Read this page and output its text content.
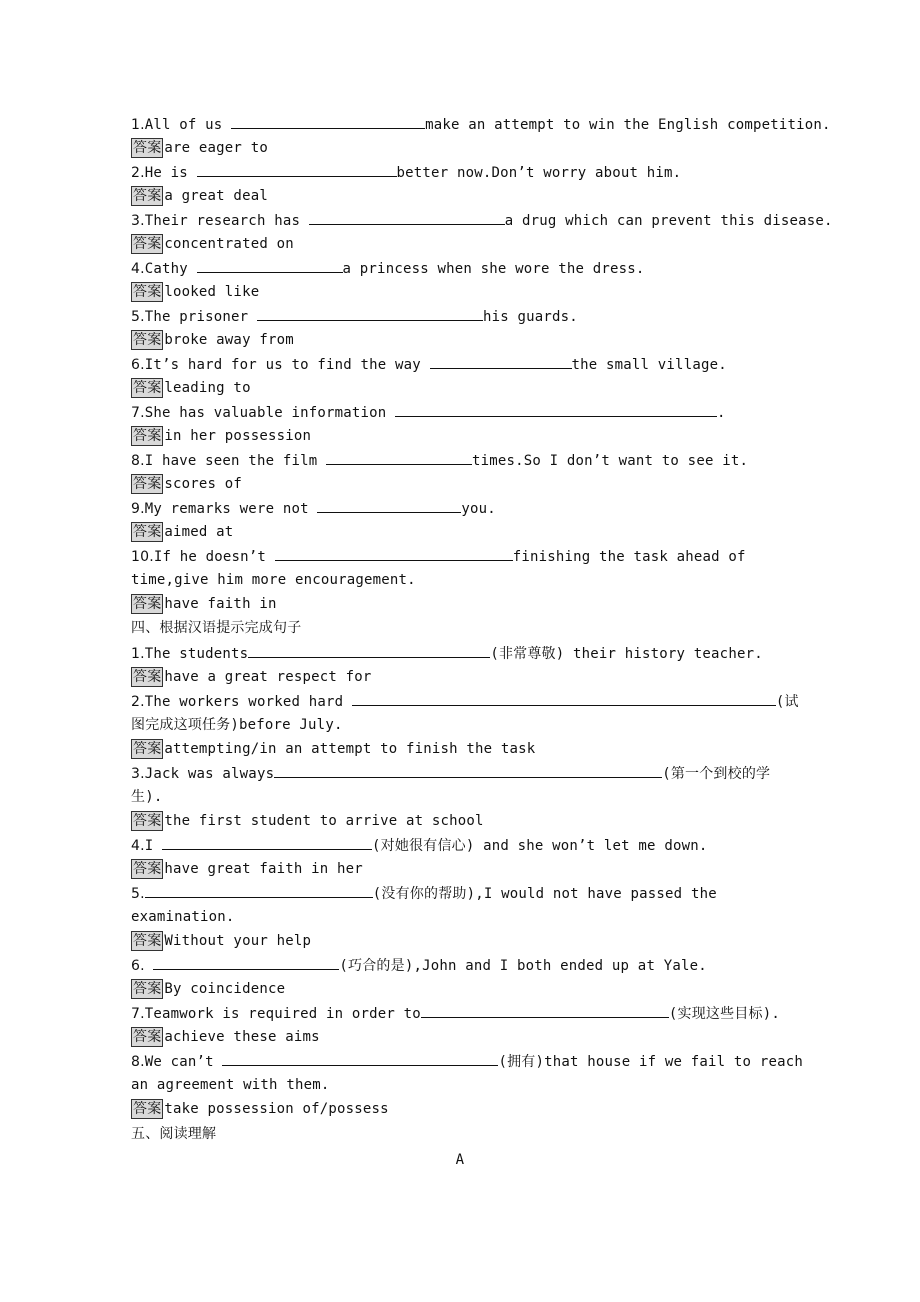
1.All of us	make an attempt to win the English competition.
答案 are eager to
2.He is	better now.Don’t worry about him.
答案 a great deal
3.Their research has	a drug which can prevent this disease.
答案 concentrated on
4.Cathy	a princess when she wore the dress.
答案 looked like
5.The prisoner	his guards.
答案 broke away from
6.It’s hard for us to find the way	the small village.
答案 leading to
7.She has valuable information	.
答案 in her possession
8.I have seen the film	times.So I don’t want to see it.
答案 scores of
9.My remarks were not	you.
答案 aimed at
10.If he doesn’t	finishing the task ahead of
time,give him more encouragement.
答案 have faith in
四、根据汉语提示完成句子
1.The students	(非常尊敬) their history teacher.
答案 have a great respect for
2.The workers worked hard	(试
图完成这项任务)before July.
答案 attempting/in an attempt to finish the task
3.Jack was always	(第一个到校的学
生).
答案 the first student to arrive at school
4.I	(对她很有信心) and she won’t let me down.
答案 have great faith in her
5.	(没有你的帮助),I would not have passed the
examination.
答案 Without your help
6.	(巧合的是),John and I both ended up at Yale.
答案 By coincidence
7.Teamwork is required in order to	(实现这些目标).
答案 achieve these aims
8.We can’t	(拥有)that house if we fail to reach
an agreement with them.
答案 take possession of/possess
五、阅读理解
A
